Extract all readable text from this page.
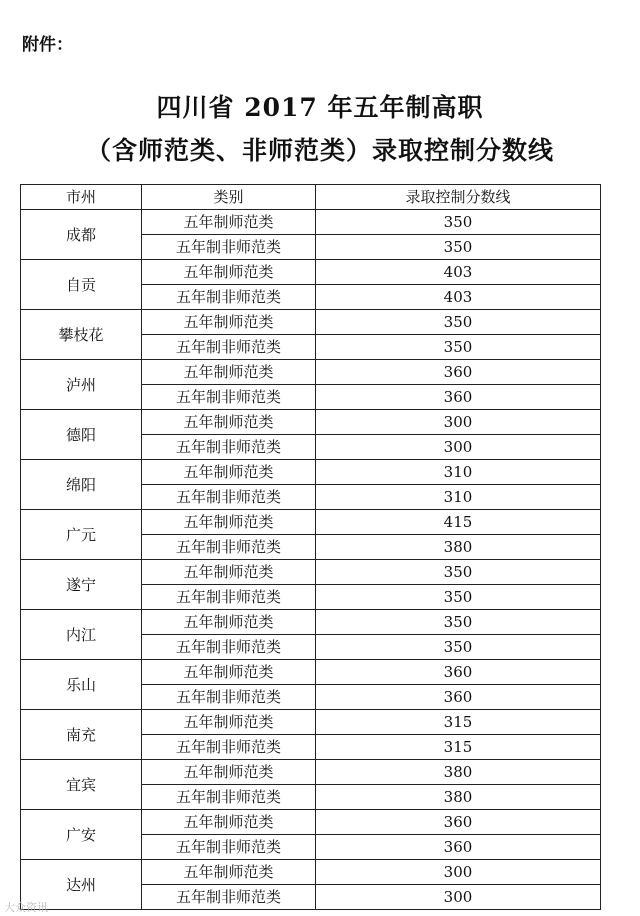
附件：
四川省 2017 年五年制高职
（含师范类、非师范类）录取控制分数线
市州	类别	录取控制分数线
成都	五年制师范类	350
	五年制非师范类	350
自贡	五年制师范类	403
	五年制非师范类	403
攀枝花	五年制师范类	350
	五年制非师范类	350
泸州	五年制师范类	360
	五年制非师范类	360
德阳	五年制师范类	300
	五年制非师范类	300
绵阳	五年制师范类	310
	五年制非师范类	310
广元	五年制师范类	415
	五年制非师范类	380
遂宁	五年制师范类	350
	五年制非师范类	350
内江	五年制师范类	350
	五年制非师范类	350
乐山	五年制师范类	360
	五年制非师范类	360
南充	五年制师范类	315
	五年制非师范类	315
宜宾	五年制师范类	380
	五年制非师范类	380
广安	五年制师范类	360
	五年制非师范类	360
达州	五年制师范类	300
	五年制非师范类	300
大众资讯
